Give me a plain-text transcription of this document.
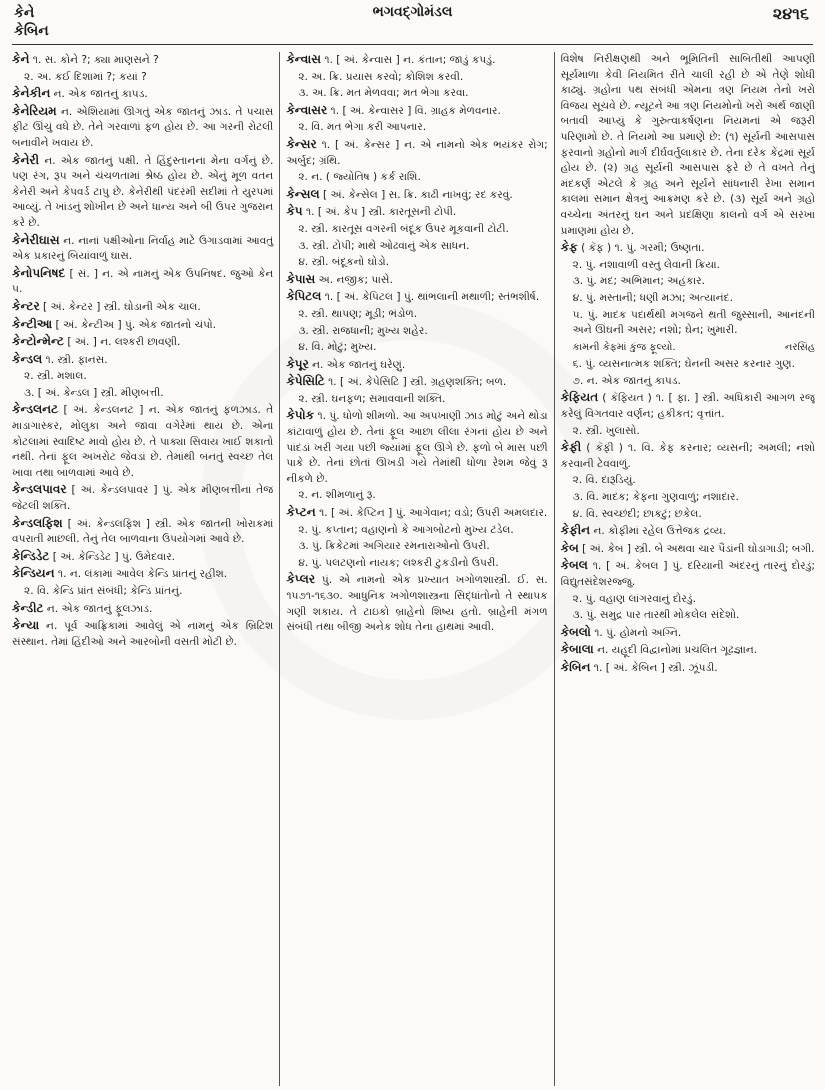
કેને
કેબિન
ભગવદ્ગોમંડલ	૨૪૧૬
કેને ૧. સ. કોને ?; ક્યા માણસને ?
૨. અ. કઈ દિશામાં ?; કયાં ?
કેનેકીન ન. એક જાતનું કાપડ.
કેનેરિયમ ન. એશિયામાં ઊગતું એક જાતનું ઝાડ. તે પચાસ ફીટ ઊંચું વધે છે. તેને ગરવાળાં ફળ હોય છે. આ ગરની રોટલી બનાવીને ખવાય છે.
કેનેરી ન. એક જાતનું પક્ષી. તે હિંદુસ્તાનના મેના વર્ગનું છે. પણ રંગ, રૂપ અને ચંચળતામાં શ્રેષ્ઠ હોય છે. એનું મૂળ વતન કેનેરી અને કેપવર્ડ ટાપુ છે. કેનેરીથી પંદરમી સદીમાં તે યુરપમાં આવ્યું. તે ખાંડનું શોખીન છે અને ધાન્ય અને બી ઉપર ગુજરાન કરે છે.
કેનેરીઘાસ ન. નાનાં પક્ષીઓના નિર્વાહ માટે ઉગાડવામાં આવતું એક પ્રકારનું બિયાંવાળું ઘાસ.
કેનોપનિષદ [ સં. ] ન. એ નામનું એક ઉપનિષદ. જુઓ કેન ૫.
કેન્ટર [ અં. કેન્ટર ] સ્ત્રી. ઘોડાની એક ચાલ.
કેન્ટીઆ [ અં. કેન્ટીઅ ] પું. એક જાતનો ચંપો.
કેન્ટોન્મેન્ટ [ અં. ] ન. લશ્કરી છાવણી.
કેન્ડલ ૧. સ્ત્રી. ફાનસ.
૨. સ્ત્રી. મશાલ.
૩. [ અં. કેન્ડલ ] સ્ત્રી. મીણબત્તી.
કેન્ડલનટ [ અં. કેન્ડલનટ ] ન. એક જાતનું ફળઝાડ. તે માડાગાસ્કર, મોલુકા અને જાવા વગેરેમાં થાય છે. એના કોટલામાં સ્વાદિષ્ટ માવો હોય છે. તે પાક્યા સિવાય ખાઈ શકાતો નથી. તેનાં ફૂલ અખરોટ જેવડાં છે. તેમાંથી બનતું સ્વચ્છ તેલ ખાવા તથા બાળવામાં આવે છે.
કેન્ડલપાવર [ અં. કેન્ડલપાવર ] પું. એક મીણબત્તીના તેજ જેટલી શક્તિ.
કેન્ડલફિશ [ અં. કેન્ડલફિશ ] સ્ત્રી. એક જાતની ખોરાકમાં વપરાતી માછલી. તેનું તેલ બાળવાના ઉપયોગમાં આવે છે.
કેન્ડિડેટ [ અં. કેન્ડિડેટ ] પું. ઉમેદવાર.
કેન્ડિયન ૧. ન. લંકામાં આવેલ કેન્ડિ પ્રાંતનું રહીશ.
૨. વિ. કેન્ડિ પ્રાંત સંબંધી; કેન્ડિ પ્રાંતનું.
કેન્ડીટ ન. એક જાતનું ફૂલઝાડ.
કેન્યા ન. પૂર્વ આફ્રિકામાં આવેલું એ નામનું એક બ્રિટિશ સંસ્થાન. તેમાં હિંદીઓ અને આરબોની વસતી મોટી છે.
કેન્વાસ ૧. [ અં. કેન્વાસ ] ન. કંતાન; જાડું કપડું.
૨. અ. ક્રિ. પ્રયાસ કરવો; કોશિશ કરવી.
૩. અ. ક્રિ. મત મેળવવા; મત ભેગા કરવા.
કેન્વાસર ૧. [ અં. કેન્વાસર ] વિ. ગ્રાહક મેળવનાર.
૨. વિ. મત ભેગા કરી આપનાર.
કેન્સર ૧. [ અં. કેન્સર ] ન. એ નામનો એક ભયંકર રોગ; અર્બુદ; ગ્રંથિ.
૨. ન. ( જ્યોતિષ ) કર્ક રાશિ.
કેન્સલ [ અં. કેન્સેલ ] સ. ક્રિ. કાઢી નાખવું; રદ કરવું.
કેપ ૧. [ અં. કેપ ] સ્ત્રી. કારતૂસની ટોપી.
૨. સ્ત્રી. કારતૂસ વગરની બંદૂક ઉપર મૂકવાની ટોટી.
૩. સ્ત્રી. ટોપી; માથે ઓઢવાનું એક સાધન.
૪. સ્ત્રી. બંદૂકનો ઘોડો.
કેપાસ અ. નજીક; પાસે.
કેપિટલ ૧. [ અં. કેપિટલ ] પું. થાંભલાની મથાળી; સ્તંભશીર્ષ.
૨. સ્ત્રી. થાપણ; મૂડી; ભંડોળ.
૩. સ્ત્રી. રાજધાની; મુખ્ય શહેર.
૪. વિ. મોટું; મુખ્ય.
કેપૂર ન. એક જાતનું ઘરેણું.
કેપેસિટિ ૧. [ અં. કેપેસિટિ ] સ્ત્રી. ગ્રહણશક્તિ; બળ.
૨. સ્ત્રી. ઘનફળ; સમાવવાની શક્તિ.
કેપોક ૧. પું. ધોળો શીમળો. આ અપખાણી ઝાડ મોટું અને થોડા કાંટાવાળું હોય છે. તેનાં ફૂલ આછા લીલા રંગનાં હોય છે અને પાંદડાં ખરી ગયા પછી જ્યાંમાં ફૂલ ઊગે છે. ફળો બે માસ પછી પાકે છે. તેનાં છોતાં ઊખડી ગયે તેમાંથી ધોળા રેશમ જેવું રૂ નીકળે છે.
૨. ન. શીમળાનું રૂ.
કેપ્ટન ૧. [ અં. કેપ્ટિન ] પું. આગેવાન; વડો; ઉપરી અમલદાર.
૨. પું. કપ્તાન; વહાણનો કે આગબોટનો મુખ્ય ટંડેલ.
૩. પું. ક્રિકેટમાં અગિયાર રમનારાઓનો ઉપરી.
૪. પું. પલટણનો નાયક; લશ્કરી ટુકડીનો ઉપરી.
કેપ્લર પું. એ નામનો એક પ્રખ્યાત ખગોળશાસ્ત્રી. ઈ. સ. ૧૫૭૧-૧૬૩૦. આધુનિક ખગોળશાસ્ત્રના સિદ્ધાંતોનો તે સ્થાપક ગણી શકાય. તે ટાઇકો બ્રાહેનો શિષ્ય હતો. બ્રાહેની મંગળ સંબંધી તથા બીજી અનેક શોધ તેના હાથમાં આવી.
વિશેષ નિરીક્ષણથી અને ભૂમિતિની સાબિતીથી આપણી સૂર્યમાળા કેવી નિયમિત રીતે ચાલી રહી છે એ તેણે શોધી કાઢ્યું. ગ્રહોના પથ સંબંધી એમના ત્રણ નિયમ તેનો ખરો વિજય સૂચવે છે. ન્યૂટને આ ત્રણ નિયમોનો ખરો અર્થ જાણી બતાવી આપ્યું કે ગુરુત્વાકર્ષણના નિયમનાં એ જરૂરી પરિણામો છે. તે નિયમો આ પ્રમાણે છે: (૧) સૂર્યની આસપાસ ફરવાનો ગ્રહોનો માર્ગ દીર્ઘવર્તુલાકાર છે. તેના દરેક કેંદ્રમાં સૂર્ય હોય છે. (૨) ગ્રહ સૂર્યની આસપાસ ફરે છે તે વખતે તેનું મંદકર્ણ એટલે કે ગ્રહ અને સૂર્યને સાંધનારી રેખા સમાન કાલમાં સમાન ક્ષેત્રનું આક્રમણ કરે છે. (૩) સૂર્ય અને ગ્રહો વચ્ચેના અંતરનું ઘન અને પ્રદક્ષિણા કાલનો વર્ગ એ સરખા પ્રમાણમાં હોય છે.
કેફ ( કૅફ ) ૧. પું. ગરમી; ઉષ્ણતા.
૨. પું. નશાવાળી વસ્તુ લેવાની ક્રિયા.
૩. પું. મદ; અભિમાન; અહંકાર.
૪. પું. મસ્તાની; ધણી મઝા; અત્યાનંદ.
૫. પું. માદક પદાર્થથી મગજને થતી જુસ્સાની, આનંદની અને ઊંઘની અસર; નશો; ઘેન; ખુમારી.
કામની કેફમાં કુંજ ફૂલ્યો.	નરસિંહ
૬. પું. વ્યસનાત્મક શક્તિ; ઘેનની અસર કરનાર ગુણ.
૭. ન. એક જાતનું કાપડ.
કેફિયત ( કૅફિયત ) ૧. [ ફા. ] સ્ત્રી. અધિકારી આગળ રજૂ કરેલું વિગતવાર વર્ણન; હકીકત; વૃત્તાંત.
૨. સ્ત્રી. ખુલાસો.
કેફી ( કૅફી ) ૧. વિ. કેફ કરનાર; વ્યસની; અમલી; નશો કરવાની ટેવવાળું.
૨. વિ. દારૂડિયું.
૩. વિ. માદક; કેફના ગુણવાળું; નશાદાર.
૪. વિ. સ્વચ્છંદી; છાકટું; છકેલ.
કેફીન ન. કોફીમાં રહેલ ઉત્તેજક દ્રવ્ય.
કેબ [ અં. કેબ ] સ્ત્રી. બે અથવા ચાર પૈડાંની ઘોડાગાડી; બગી.
કેબલ ૧. [ અં. કેબલ ] પું. દરિયાની અંદરનું તારનું દોરડું; વિદ્યુતસંદેશરજ્જુ.
૨. પું. વહાણ લાંગરવાનું દોરડું.
૩. પું. સમુદ્ર પાર તારથી મોકલેલ સંદેશો.
કેબલો ૧. પું. હોમનો અગ્નિ.
કેબાલા ન. યહૂદી વિદ્વાનોમાં પ્રચલિત ગૂઢજ્ઞાન.
કેબિન ૧. [ અં. કેબિન ] સ્ત્રી. ઝૂંપડી.
